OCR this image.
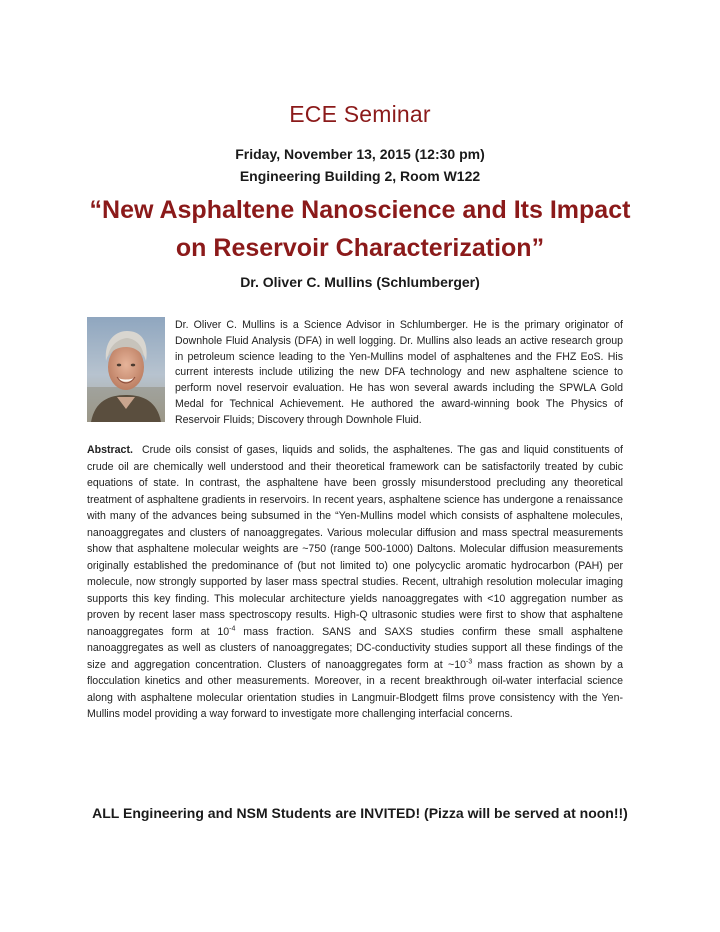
ECE Seminar
Friday, November 13, 2015 (12:30 pm)
Engineering Building 2, Room W122
“New Asphaltene Nanoscience and Its Impact
on Reservoir Characterization”
Dr. Oliver C. Mullins (Schlumberger)
Dr. Oliver C. Mullins is a Science Advisor in Schlumberger. He is the primary originator of Downhole Fluid Analysis (DFA) in well logging. Dr. Mullins also leads an active research group in petroleum science leading to the Yen-Mullins model of asphaltenes and the FHZ EoS. His current interests include utilizing the new DFA technology and new asphaltene science to perform novel reservoir evaluation. He has won several awards including the SPWLA Gold Medal for Technical Achievement. He authored the award-winning book The Physics of Reservoir Fluids; Discovery through Downhole Fluid.
Abstract. Crude oils consist of gases, liquids and solids, the asphaltenes. The gas and liquid constituents of crude oil are chemically well understood and their theoretical framework can be satisfactorily treated by cubic equations of state. In contrast, the asphaltene have been grossly misunderstood precluding any theoretical treatment of asphaltene gradients in reservoirs. In recent years, asphaltene science has undergone a renaissance with many of the advances being subsumed in the “Yen-Mullins model which consists of asphaltene molecules, nanoaggregates and clusters of nanoaggregates. Various molecular diffusion and mass spectral measurements show that asphaltene molecular weights are ~750 (range 500-1000) Daltons. Molecular diffusion measurements originally established the predominance of (but not limited to) one polycyclic aromatic hydrocarbon (PAH) per molecule, now strongly supported by laser mass spectral studies. Recent, ultrahigh resolution molecular imaging supports this key finding. This molecular architecture yields nanoaggregates with <10 aggregation number as proven by recent laser mass spectroscopy results. High-Q ultrasonic studies were first to show that asphaltene nanoaggregates form at $10^{-4}$ mass fraction. SANS and SAXS studies confirm these small asphaltene nanoaggregates as well as clusters of nanoaggregates; DC-conductivity studies support all these findings of the size and aggregation concentration. Clusters of nanoaggregates form at $\sim 10^{-3}$ mass fraction as shown by a flocculation kinetics and other measurements. Moreover, in a recent breakthrough oil-water interfacial science along with asphaltene molecular orientation studies in Langmuir-Blodgett films prove consistency with the Yen-Mullins model providing a way forward to investigate more challenging interfacial concerns.
ALL Engineering and NSM Students are INVITED! (Pizza will be served at noon!!)
